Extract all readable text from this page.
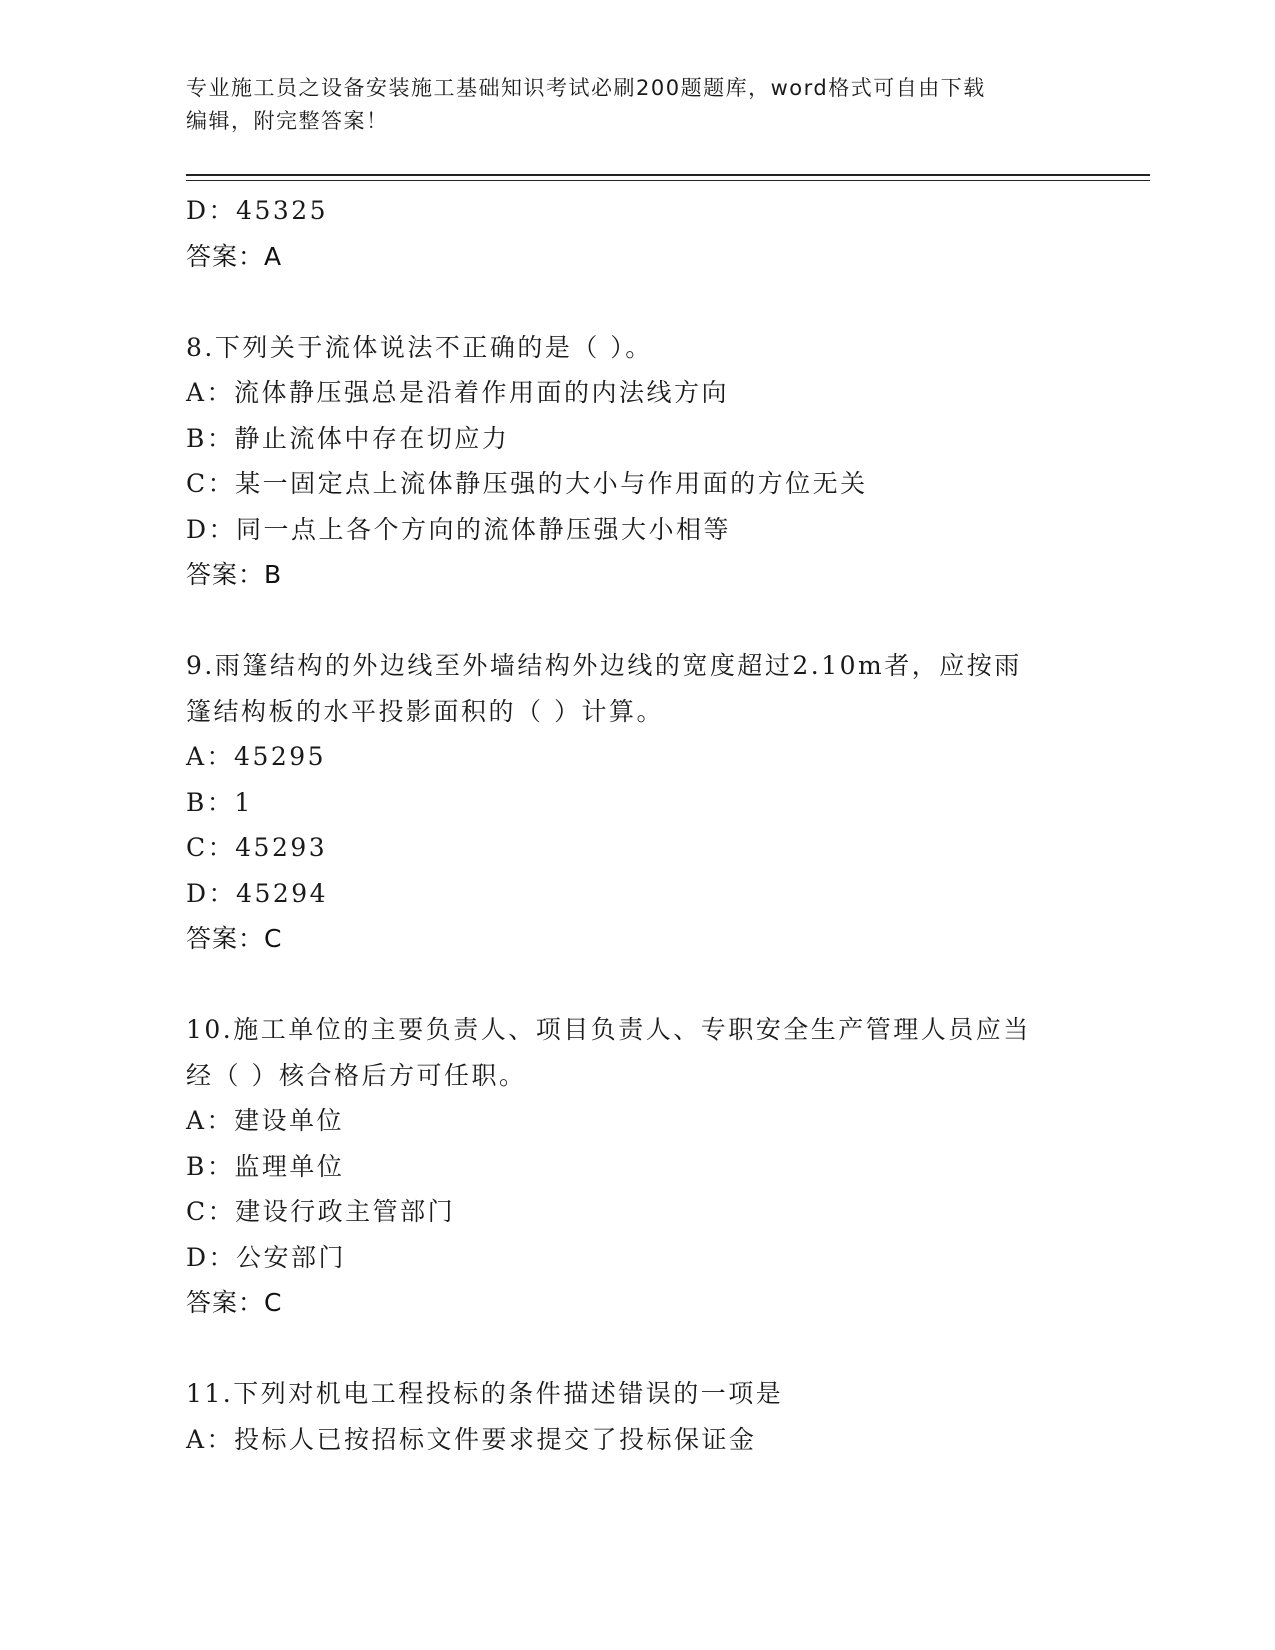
专业施工员之设备安装施工基础知识考试必刷200题题库，word格式可自由下载
编辑，附完整答案！
D：45325
答案：A
8.下列关于流体说法不正确的是（ ）。
A：流体静压强总是沿着作用面的内法线方向
B：静止流体中存在切应力
C：某一固定点上流体静压强的大小与作用面的方位无关
D：同一点上各个方向的流体静压强大小相等
答案：B
9.雨篷结构的外边线至外墙结构外边线的宽度超过2.10m者，应按雨
篷结构板的水平投影面积的（ ）计算。
A：45295
B：1
C：45293
D：45294
答案：C
10.施工单位的主要负责人、项目负责人、专职安全生产管理人员应当
经（ ）核合格后方可任职。
A：建设单位
B：监理单位
C：建设行政主管部门
D：公安部门
答案：C
11.下列对机电工程投标的条件描述错误的一项是
A：投标人已按招标文件要求提交了投标保证金
